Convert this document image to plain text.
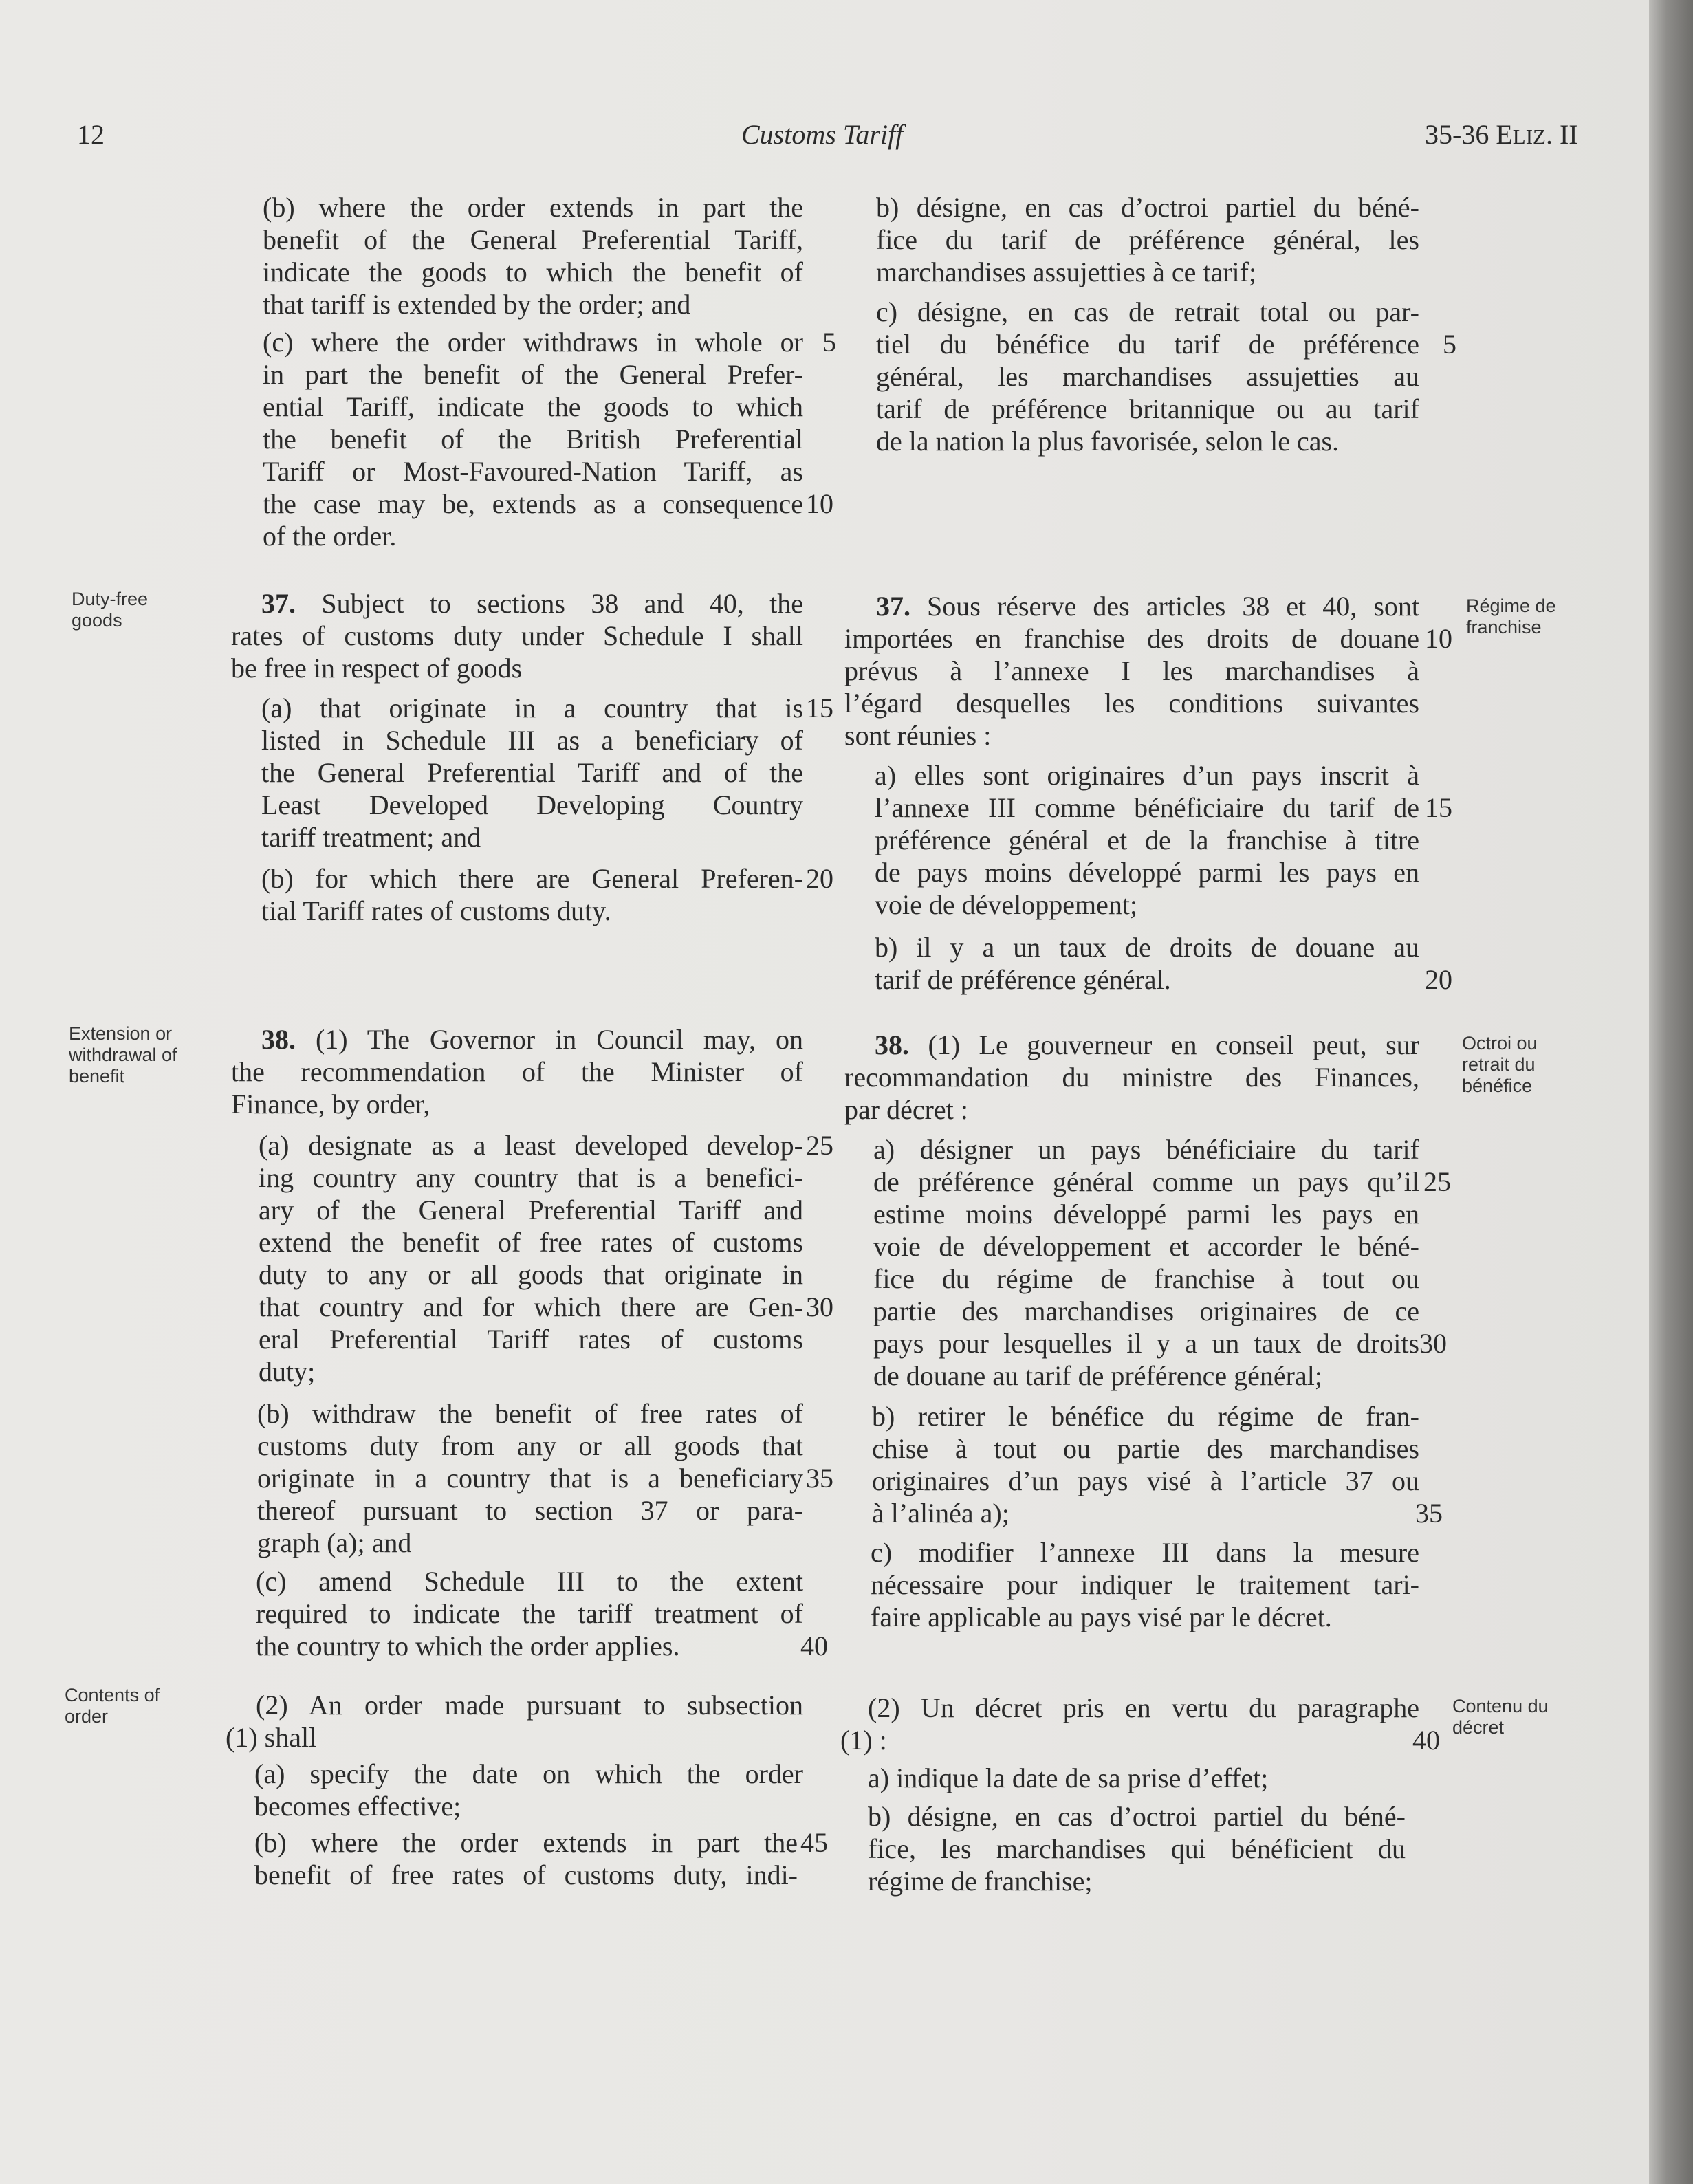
12	Customs Tariff	35-36 ELIZ. II
Duty-free goods
Extension or withdrawal of benefit
Contents of order
Régime de franchise
Octroi ou retrait du bénéfice
Contenu du décret
(b) where the order extends in part the
benefit of the General Preferential Tariff,
indicate the goods to which the benefit of
that tariff is extended by the order; and
(c) where the order withdraws in whole or
in part the benefit of the General Prefer-
ential Tariff, indicate the goods to which
the benefit of the British Preferential
Tariff or Most-Favoured-Nation Tariff, as
the case may be, extends as a consequence
of the order.
37. Subject to sections 38 and 40, the
rates of customs duty under Schedule I shall
be free in respect of goods
(a) that originate in a country that is
listed in Schedule III as a beneficiary of
the General Preferential Tariff and of the
Least Developed Developing Country
tariff treatment; and
(b) for which there are General Preferen-
tial Tariff rates of customs duty.
38. (1) The Governor in Council may, on
the recommendation of the Minister of
Finance, by order,
(a) designate as a least developed develop-
ing country any country that is a benefici-
ary of the General Preferential Tariff and
extend the benefit of free rates of customs
duty to any or all goods that originate in
that country and for which there are Gen-
eral Preferential Tariff rates of customs
duty;
(b) withdraw the benefit of free rates of
customs duty from any or all goods that
originate in a country that is a beneficiary
thereof pursuant to section 37 or para-
graph (a); and
(c) amend Schedule III to the extent
required to indicate the tariff treatment of
the country to which the order applies.
(2) An order made pursuant to subsection
(1) shall
(a) specify the date on which the order
becomes effective;
(b) where the order extends in part the
benefit of free rates of customs duty, indi-
5
10
15
20
25
30
35
40
45
b) désigne, en cas d’octroi partiel du béné-
fice du tarif de préférence général, les
marchandises assujetties à ce tarif;
c) désigne, en cas de retrait total ou par-
tiel du bénéfice du tarif de préférence
général, les marchandises assujetties au
tarif de préférence britannique ou au tarif
de la nation la plus favorisée, selon le cas.
37. Sous réserve des articles 38 et 40, sont
importées en franchise des droits de douane
prévus à l’annexe I les marchandises à
l’égard desquelles les conditions suivantes
sont réunies :
a) elles sont originaires d’un pays inscrit à
l’annexe III comme bénéficiaire du tarif de
préférence général et de la franchise à titre
de pays moins développé parmi les pays en
voie de développement;
b) il y a un taux de droits de douane au
tarif de préférence général.
38. (1) Le gouverneur en conseil peut, sur
recommandation du ministre des Finances,
par décret :
a) désigner un pays bénéficiaire du tarif
de préférence général comme un pays qu’il
estime moins développé parmi les pays en
voie de développement et accorder le béné-
fice du régime de franchise à tout ou
partie des marchandises originaires de ce
pays pour lesquelles il y a un taux de droits
de douane au tarif de préférence général;
b) retirer le bénéfice du régime de fran-
chise à tout ou partie des marchandises
originaires d’un pays visé à l’article 37 ou
à l’alinéa a);
c) modifier l’annexe III dans la mesure
nécessaire pour indiquer le traitement tari-
faire applicable au pays visé par le décret.
(2) Un décret pris en vertu du paragraphe
(1) :
a) indique la date de sa prise d’effet;
b) désigne, en cas d’octroi partiel du béné-
fice, les marchandises qui bénéficient du
régime de franchise;
5
10
15
20
25
30
35
40
